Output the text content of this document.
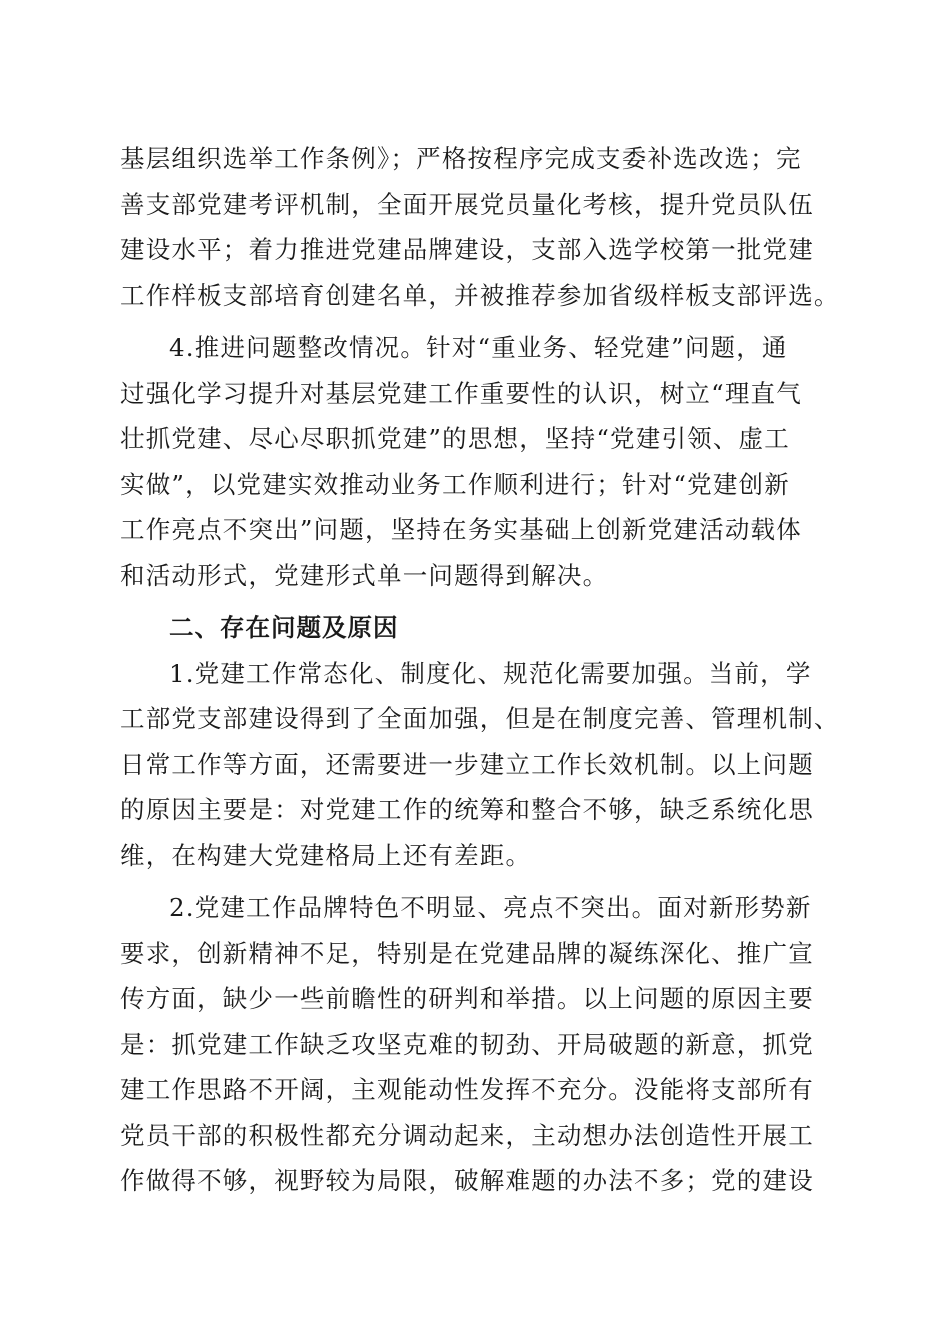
基层组织选举工作条例》；严格按程序完成支委补选改选；完
善支部党建考评机制，全面开展党员量化考核，提升党员队伍
建设水平；着力推进党建品牌建设，支部入选学校第一批党建
工作样板支部培育创建名单，并被推荐参加省级样板支部评选。
4.推进问题整改情况。针对“重业务、轻党建”问题，通
过强化学习提升对基层党建工作重要性的认识，树立“理直气
壮抓党建、尽心尽职抓党建”的思想，坚持“党建引领、虚工
实做”，以党建实效推动业务工作顺利进行；针对“党建创新
工作亮点不突出”问题，坚持在务实基础上创新党建活动载体
和活动形式，党建形式单一问题得到解决。
二、存在问题及原因
1.党建工作常态化、制度化、规范化需要加强。当前，学
工部党支部建设得到了全面加强，但是在制度完善、管理机制、
日常工作等方面，还需要进一步建立工作长效机制。以上问题
的原因主要是：对党建工作的统筹和整合不够，缺乏系统化思
维，在构建大党建格局上还有差距。
2.党建工作品牌特色不明显、亮点不突出。面对新形势新
要求，创新精神不足，特别是在党建品牌的凝练深化、推广宣
传方面，缺少一些前瞻性的研判和举措。以上问题的原因主要
是：抓党建工作缺乏攻坚克难的韧劲、开局破题的新意，抓党
建工作思路不开阔，主观能动性发挥不充分。没能将支部所有
党员干部的积极性都充分调动起来，主动想办法创造性开展工
作做得不够，视野较为局限，破解难题的办法不多；党的建设
